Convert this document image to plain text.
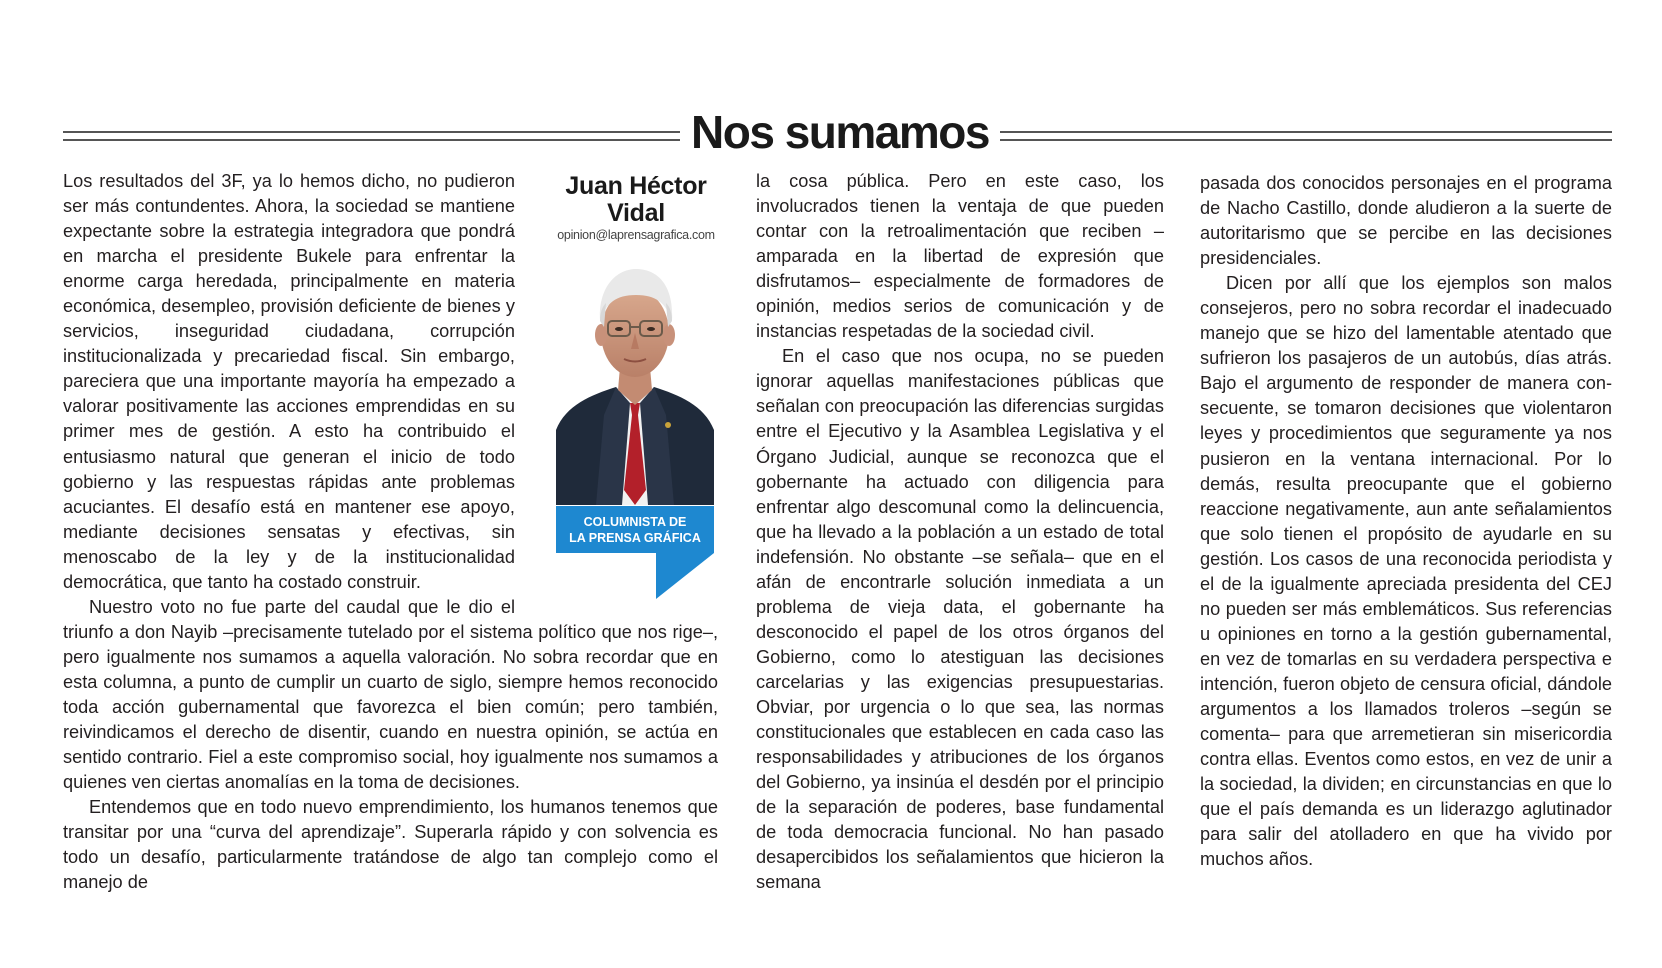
Nos sumamos

Los resultados del 3F, ya lo hemos dicho, no pudieron ser más contundentes. Ahora, la sociedad se mantiene expectante sobre la estrategia integradora que pondrá en marcha el presidente Bukele para enfrentar la enorme carga heredada, principalmente en materia económica, desempleo, provisión deficiente de bienes y servicios, inseguridad ciudadana, corrupción institucionalizada y precariedad fiscal. Sin embargo, pareciera que una importante mayoría ha empezado a valorar positivamente las acciones emprendidas en su primer mes de gestión. A esto ha contribuido el entusiasmo natural que generan el inicio de todo gobierno y las respuestas rápidas ante problemas acuciantes. El desafío está en mantener ese apoyo, mediante decisiones sensatas y efectivas, sin menoscabo de la ley y de la institucionalidad democrática, que tanto ha costado construir.

Nuestro voto no fue parte del caudal que le dio el triunfo a don Nayib –precisamente tutelado por el sistema político que nos rige–, pero igualmente nos sumamos a aquella valoración. No sobra recordar que en esta columna, a punto de cumplir un cuarto de siglo, siempre hemos reconocido toda acción gubernamental que favorezca el bien común; pero también, reivindicamos el derecho de disentir, cuando en nuestra opinión, se actúa en sentido contrario. Fiel a este compromiso social, hoy igualmente nos sumamos a quienes ven ciertas anomalías en la toma de decisiones.

Entendemos que en todo nuevo emprendimiento, los humanos tenemos que transitar por una “curva del aprendizaje”. Superarla rápido y con solvencia es todo un desafío, particularmente tratándose de algo tan complejo como el manejo de

Juan Héctor
Vidal
opinion@laprensagrafica.com
COLUMNISTA DE
LA PRENSA GRÁFICA

la cosa pública. Pero en este caso, los involucrados tienen la ventaja de que pueden contar con la retroalimentación que reciben –amparada en la libertad de expresión que disfrutamos– especialmente de formadores de opinión, medios serios de comunicación y de instancias respetadas de la sociedad civil.

En el caso que nos ocupa, no se pueden ignorar aquellas manifestaciones públicas que señalan con preocupación las diferencias surgidas entre el Ejecutivo y la Asamblea Legislativa y el Órgano Judicial, aunque se reconozca que el gobernante ha actuado con diligencia para enfrentar algo descomunal como la delincuencia, que ha llevado a la población a un estado de total indefensión. No obstante –se señala– que en el afán de encontrarle solución inmediata a un problema de vieja data, el gobernante ha desconocido el papel de los otros órganos del Gobierno, como lo atestiguan las decisiones carcelarias y las exigencias presupuestarias. Obviar, por urgencia o lo que sea, las normas constitucionales que establecen en cada caso las responsabilidades y atribuciones de los órganos del Gobierno, ya insinúa el desdén por el principio de la separación de poderes, base fundamental de toda democracia funcional. No han pasado desapercibidos los señalamientos que hicieron la semana

pasada dos conocidos personajes en el programa de Nacho Castillo, donde aludieron a la suerte de autoritarismo que se percibe en las decisiones presidenciales.

Dicen por allí que los ejemplos son malos consejeros, pero no sobra recordar el inadecuado manejo que se hizo del lamentable atentado que sufrieron los pasajeros de un autobús, días atrás. Bajo el argumento de responder de manera consecuente, se tomaron decisiones que violentaron leyes y procedimientos que seguramente ya nos pusieron en la ventana internacional. Por lo demás, resulta preocupante que el gobierno reaccione negativamente, aun ante señalamientos que solo tienen el propósito de ayudarle en su gestión. Los casos de una reconocida periodista y el de la igualmente apreciada presidenta del CEJ no pueden ser más emblemáticos. Sus referencias u opiniones en torno a la gestión gubernamental, en vez de tomarlas en su verdadera perspectiva e intención, fueron objeto de censura oficial, dándole argumentos a los llamados troleros –según se comenta– para que arremetieran sin misericordia contra ellas. Eventos como estos, en vez de unir a la sociedad, la dividen; en circunstancias en que lo que el país demanda es un liderazgo aglutinador para salir del atolladero en que ha vivido por muchos años.
